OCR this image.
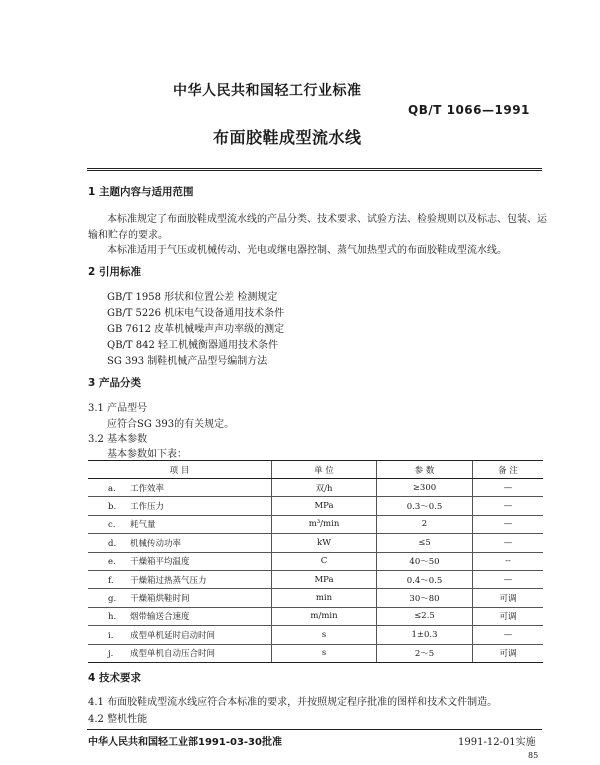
中华人民共和国轻工行业标准
QB/T 1066—1991
布面胶鞋成型流水线
1 主题内容与适用范围
本标准规定了布面胶鞋成型流水线的产品分类、技术要求、试验方法、检验规则以及标志、包装、运
输和贮存的要求。
本标准适用于气压或机械传动、光电或继电器控制、蒸气加热型式的布面胶鞋成型流水线。
2 引用标准
GB/T 1958 形状和位置公差 检测规定
GB/T 5226 机床电气设备通用技术条件
GB 7612 皮革机械噪声声功率级的测定
QB/T 842 轻工机械衡器通用技术条件
SG 393 制鞋机械产品型号编制方法
3 产品分类
3.1 产品型号
应符合SG 393的有关规定。
3.2 基本参数
基本参数如下表：
项 目	单 位	参 数	备 注
a. 工作效率	双/h	≥300	—
b. 工作压力	MPa	0.3～0.5	—
c. 耗气量	m³/min	2	—
d. 机械传动功率	kW	≤5	—
e. 干燥箱平均温度	C	40～50	--
f. 干燥箱过热蒸气压力	MPa	0.4～0.5	—
g. 干燥箱烘鞋时间	min	30～80	可调
h. 烟带输送合速度	m/min	≤2.5	可调
i. 成型单机延时启动时间	s	1±0.3	—
j. 成型单机自动压合时间	s	2～5	可调
4 技术要求
4.1 布面胶鞋成型流水线应符合本标准的要求，并按照规定程序批准的图样和技术文件制造。
4.2 整机性能
中华人民共和国轻工业部1991-03-30批准	1991-12-01实施
85
